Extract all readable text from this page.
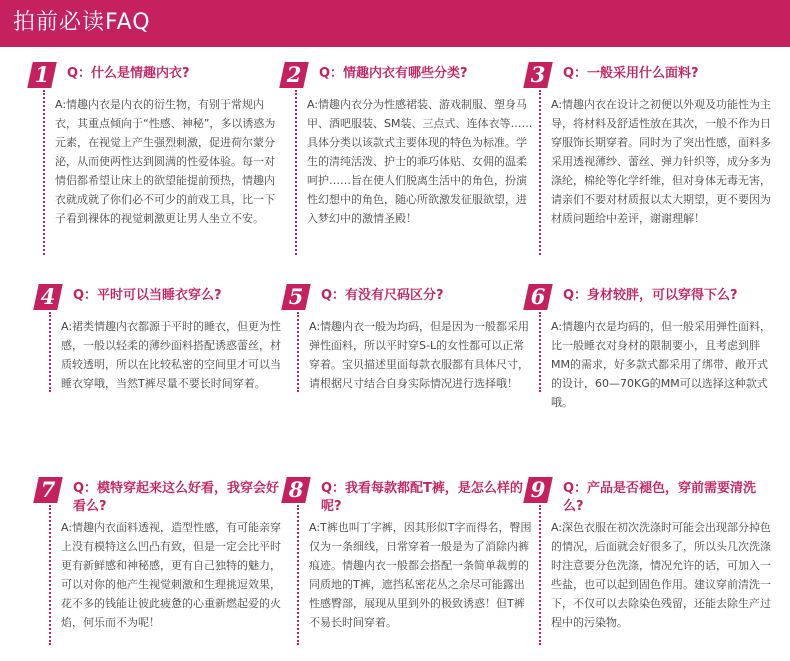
拍前必读FAQ
1	Q：什么是情趣内衣?
A:情趣内衣是内衣的衍生物，有别于常规内衣，其重点倾向于“性感、神秘”，多以诱惑为元素，在视觉上产生强烈刺激，促进荷尔蒙分泌，从而使两性达到圆满的性爱体验。每一对情侣都希望让床上的欲望能提前预热，情趣内衣就成就了你们必不可少的前戏工具，比一下子看到裸体的视觉刺激更让男人坐立不安。
2	Q：情趣内衣有哪些分类?
A:情趣内衣分为性感裙装、游戏制服、塑身马甲、酒吧服装、SM装、三点式、连体衣等……具体分类以该款式主要体现的特色为标准。学生的清纯活泼、护士的乖巧体贴、女佣的温柔呵护……旨在使人们脱离生活中的角色，扮演性幻想中的角色，随心所欲激发征服欲望，进入梦幻中的激情圣殿！
3	Q：一般采用什么面料?
A:情趣内衣在设计之初便以外观及功能性为主导，将材料及舒适性放在其次，一般不作为日穿服饰长期穿着。同时为了突出性感，面料多采用透视薄纱、蕾丝、弹力针织等，成分多为涤纶，棉纶等化学纤维，但对身体无毒无害，请亲们不要对材质报以太大期望，更不要因为材质问题给中差评，谢谢理解！
4	Q：平时可以当睡衣穿么?
A:裙类情趣内衣都源于平时的睡衣，但更为性感，一般以轻柔的薄纱面料搭配诱惑蕾丝，材质较透明，所以在比较私密的空间里才可以当睡衣穿哦，当然T裤尽量不要长时间穿着。
5	Q：有没有尺码区分?
A:情趣内衣一般为均码，但是因为一般都采用弹性面料，所以平时穿S-L的女性都可以正常穿着。宝贝描述里面每款衣服都有具体尺寸，请根据尺寸结合自身实际情况进行选择哦！
6	Q：身材较胖，可以穿得下么?
A:情趣内衣是均码的，但一般采用弹性面料，比一般睡衣对身材的限制要小，且考虑到胖MM的需求，好多款式都采用了绑带、敞开式的设计，60—70KG的MM可以选择这种款式哦。
7	Q：模特穿起来这么好看，我穿会好看么?
A:情趣内衣面料透视，造型性感，有可能亲穿上没有模特这么凹凸有致，但是一定会比平时更有新鲜感和神秘感，更有自己独特的魅力，可以对你的他产生视觉刺激和生理挑逗效果，花不多的钱能让彼此疲惫的心重新燃起爱的火焰，何乐而不为呢！
8	Q：我看每款都配T裤，是怎么样的呢?
A:T裤也叫丁字裤，因其形似T字而得名，臀围仅为一条细线，日常穿着一般是为了消除内裤痕迹。情趣内衣一般都会搭配一条简单裁剪的同质地的T裤，遮挡私密花丛之余尽可能露出性感臀部，展现从里到外的极致诱惑！但T裤不易长时间穿着。
9	Q：产品是否褪色，穿前需要清洗么?
A:深色衣服在初次洗涤时可能会出现部分掉色的情况，后面就会好很多了，所以头几次洗涤时注意要分色洗涤，情况允许的话，可加入一些盐，也可以起到固色作用。建议穿前清洗一下，不仅可以去除染色残留，还能去除生产过程中的污染物。
